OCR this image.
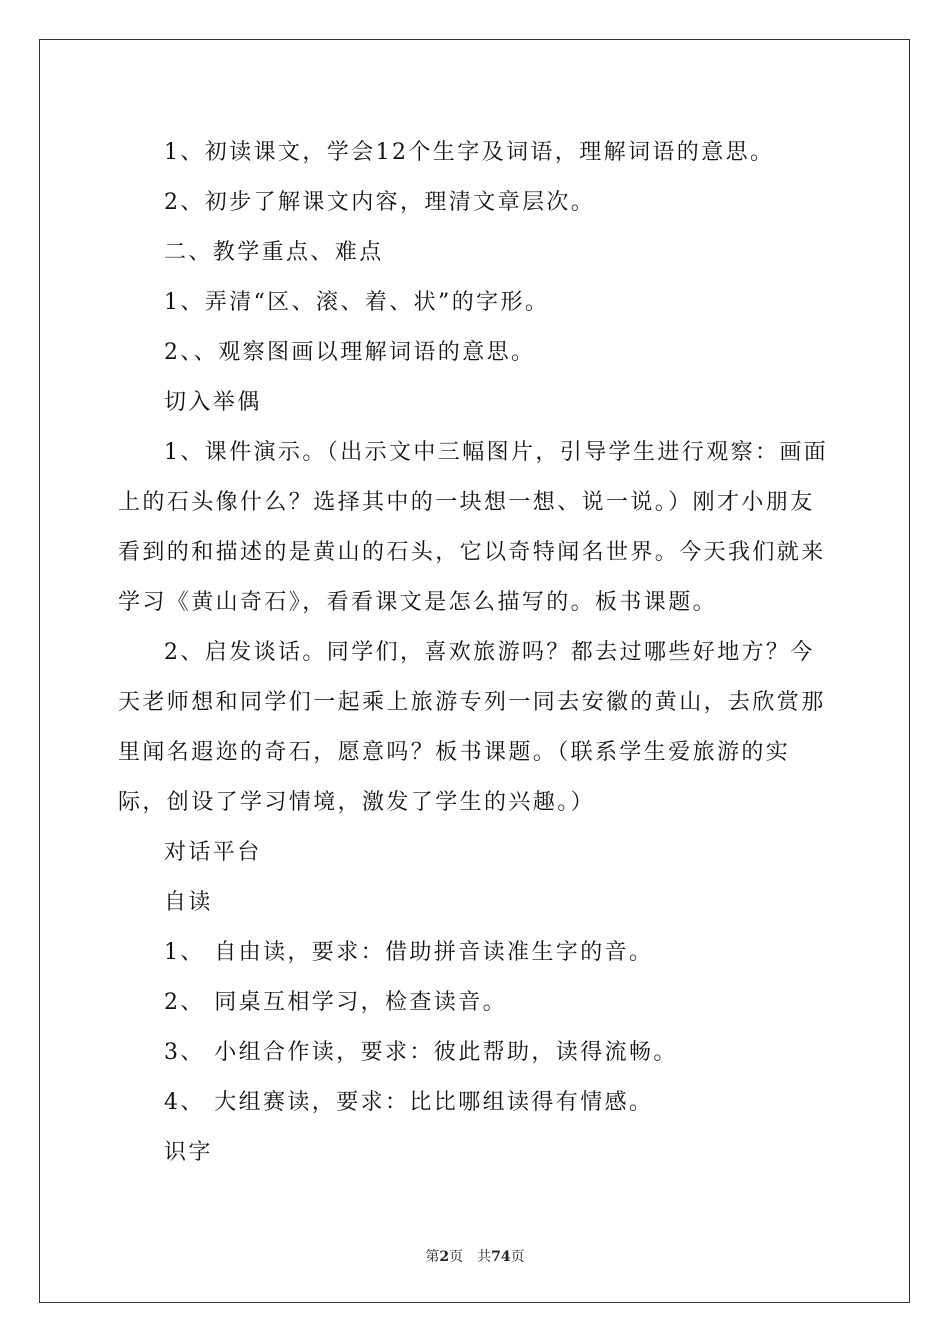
1、初读课文，学会12个生字及词语，理解词语的意思。

2、初步了解课文内容，理清文章层次。

二、教学重点、难点

1、弄清“区、滚、着、状”的字形。

2、、观察图画以理解词语的意思。

切入举偶

1、课件演示。（出示文中三幅图片，引导学生进行观察：画面上的石头像什么？选择其中的一块想一想、说一说。）刚才小朋友看到的和描述的是黄山的石头，它以奇特闻名世界。今天我们就来学习《黄山奇石》，看看课文是怎么描写的。板书课题。

2、启发谈话。同学们，喜欢旅游吗？都去过哪些好地方？今天老师想和同学们一起乘上旅游专列一同去安徽的黄山，去欣赏那里闻名遐迩的奇石，愿意吗？板书课题。（联系学生爱旅游的实际，创设了学习情境，激发了学生的兴趣。）

对话平台

自读

1、 自由读，要求：借助拼音读准生字的音。

2、 同桌互相学习，检查读音。

3、 小组合作读，要求：彼此帮助，读得流畅。

4、 大组赛读，要求：比比哪组读得有情感。

识字

第2页 共74页
